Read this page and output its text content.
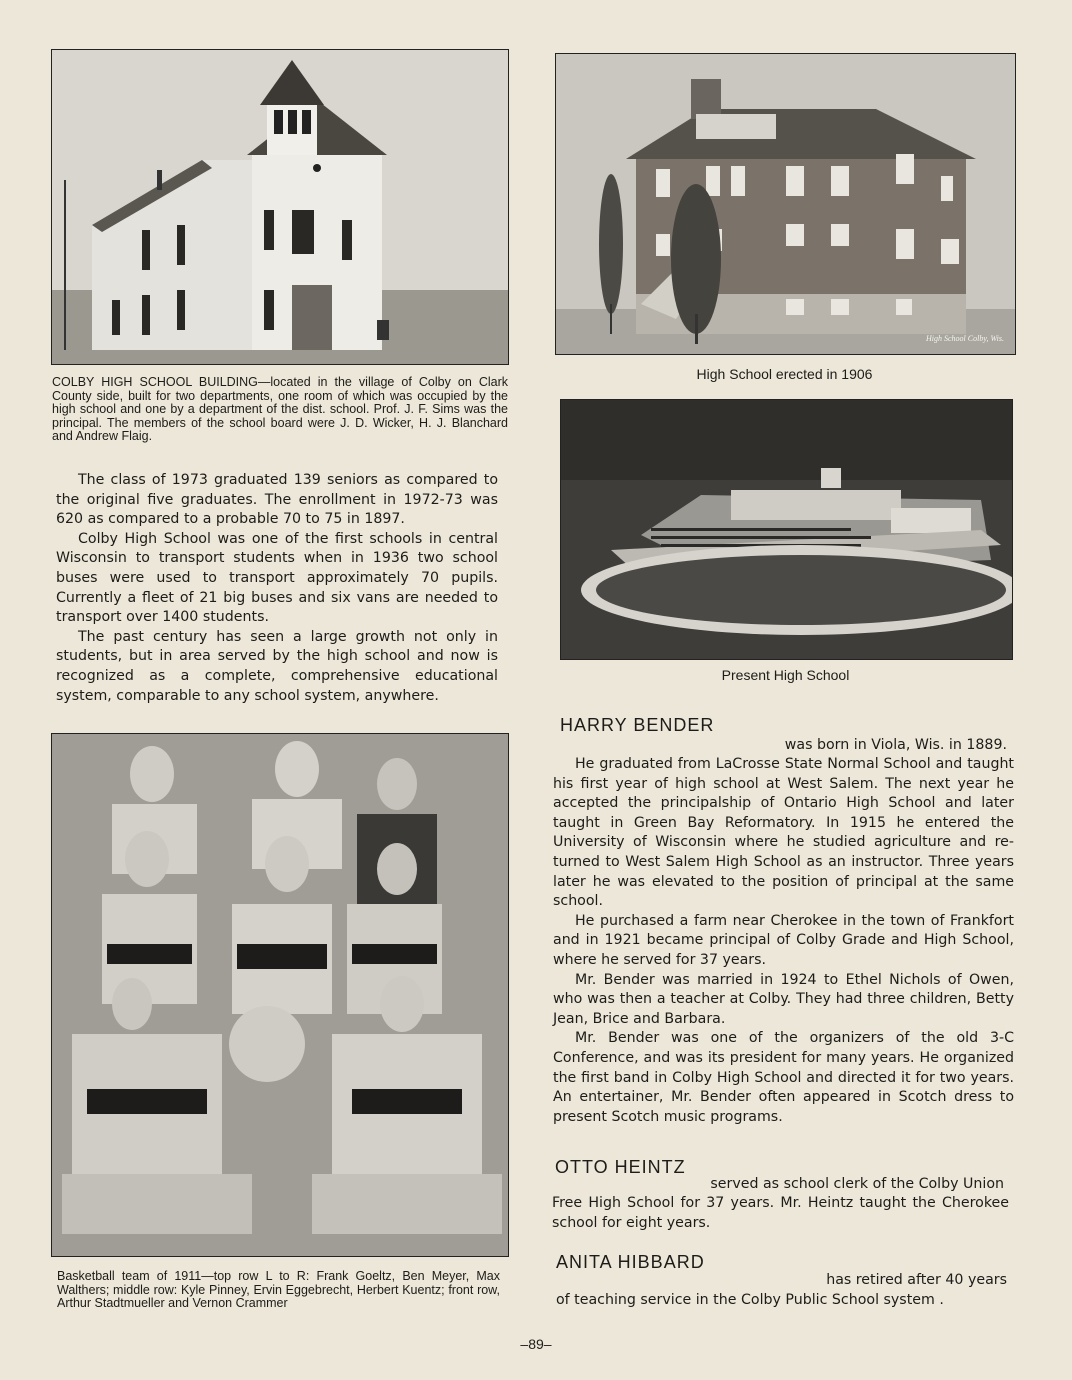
COLBY HIGH SCHOOL BUILDING—located in the village of Colby on Clark County side, built for two departments, one room of which was occupied by the high school and one by a department of the dist. school. Prof. J. F. Sims was the principal. The members of the school board were J. D. Wicker, H. J. Blanchard and Andrew Flaig.
High School Colby, Wis.
High School erected in 1906
Present High School

The class of 1973 graduated 139 seniors as compared to the original five graduates. The enrollment in 1972-73 was 620 as compared to a probable 70 to 75 in 1897.

Colby High School was one of the first schools in central Wisconsin to transport students when in 1936 two school buses were used to transport approximately 70 pupils. Currently a fleet of 21 big buses and six vans are needed to transport over 1400 students.

The past century has seen a large growth not only in students, but in area served by the high school and now is recognized as a complete, comprehensive educational system, comparable to any school system, anywhere.

Basketball team of 1911—top row L to R: Frank Goeltz, Ben Meyer, Max Walthers; middle row: Kyle Pinney, Ervin Eggebrecht, Herbert Kuentz; front row, Arthur Stadtmueller and Vernon Crammer
HARRY BENDER
was born in Viola, Wis. in 1889.

He graduated from LaCrosse State Normal School and taught his first year of high school at West Salem. The next year he accepted the principalship of Ontario High School and later taught in Green Bay Reformatory. In 1915 he entered the University of Wisconsin where he studied agriculture and re-turned to West Salem High School as an instructor. Three years later he was elevated to the position of principal at the same school.

He purchased a farm near Cherokee in the town of Frankfort and in 1921 became principal of Colby Grade and High School, where he served for 37 years.

Mr. Bender was married in 1924 to Ethel Nichols of Owen, who was then a teacher at Colby. They had three children, Betty Jean, Brice and Barbara.

Mr. Bender was one of the organizers of the old 3-C Conference, and was its president for many years. He organized the first band in Colby High School and directed it for two years. An entertainer, Mr. Bender often appeared in Scotch dress to present Scotch music programs.

OTTO HEINTZ
served as school clerk of the Colby Union
Free High School for 37 years. Mr. Heintz taught the Cherokee school for eight years.
ANITA HIBBARD
has retired after 40 years
of teaching service in the Colby Public School system .
–89–
